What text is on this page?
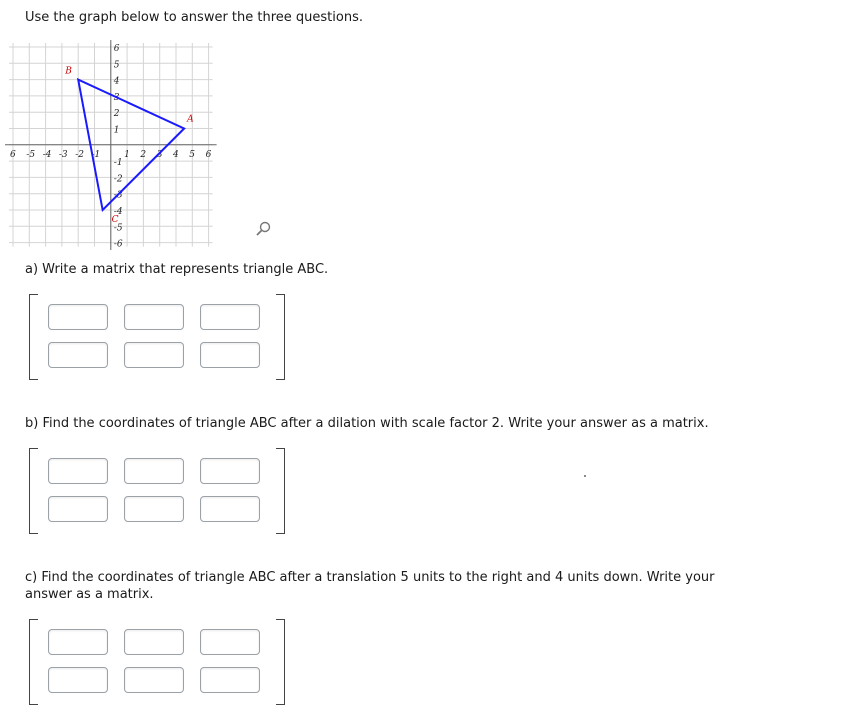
Use the graph below to answer the three questions.
6 -5 -4 -3 -2 -1	1 2 3 4 5 6
6
5
4
3
2
1
-1
-2
-3
-4
-5
-6
A
B
C
a) Write a matrix that represents triangle ABC.
b) Find the coordinates of triangle ABC after a dilation with scale factor 2. Write your answer as a matrix.
c) Find the coordinates of triangle ABC after a translation 5 units to the right and 4 units down. Write your answer as a matrix.
